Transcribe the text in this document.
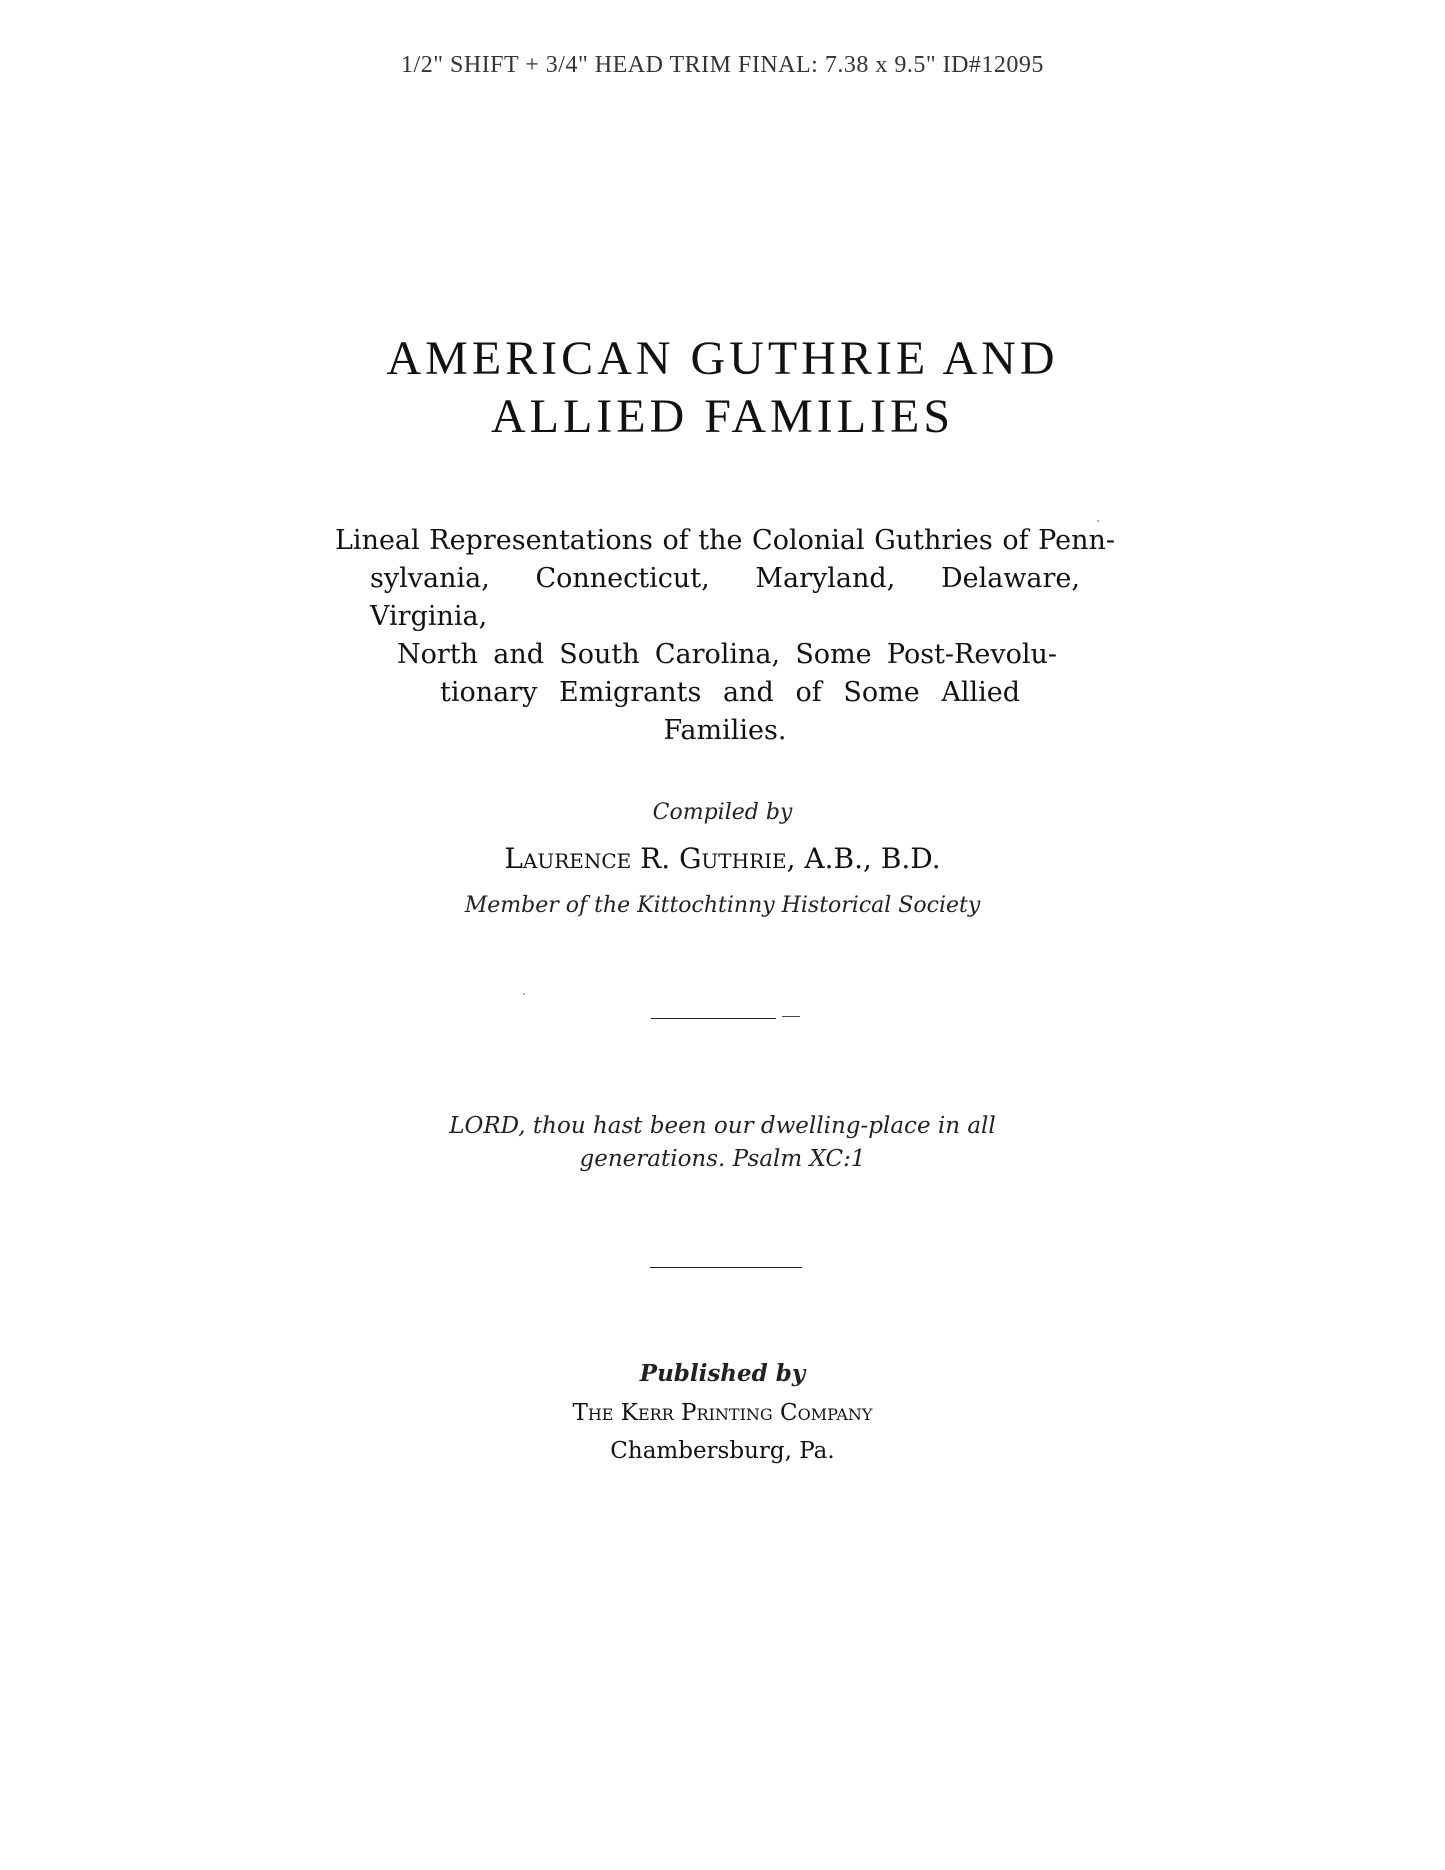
1/2" SHIFT + 3/4" HEAD TRIM FINAL: 7.38 x 9.5" ID#12095
AMERICAN GUTHRIE AND
ALLIED FAMILIES
Lineal Representations of the Colonial Guthries of Penn-
sylvania, Connecticut, Maryland, Delaware, Virginia,
North and South Carolina, Some Post-Revolu-
tionary Emigrants and of Some Allied
Families.
Compiled by
Laurence R. Guthrie, A.B., B.D.
Member of the Kittochtinny Historical Society
LORD, thou hast been our dwelling-place in all
generations. Psalm XC:1
Published by
The Kerr Printing Company
Chambersburg, Pa.
